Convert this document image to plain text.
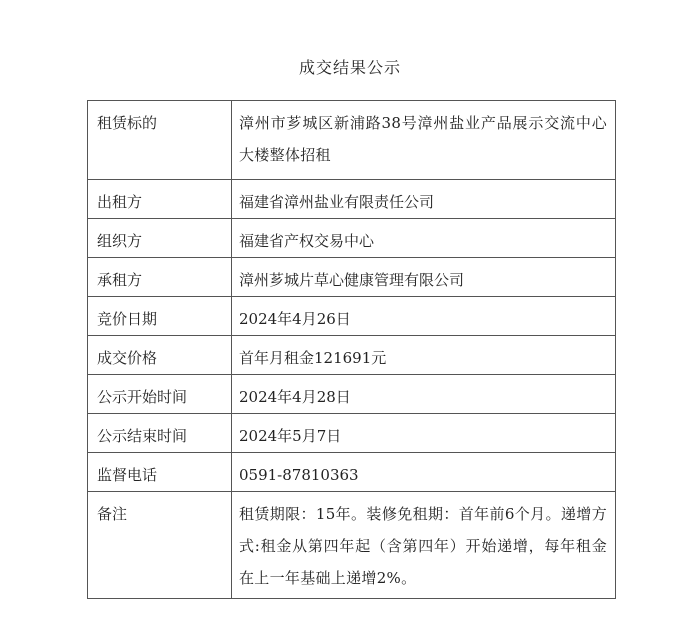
成交结果公示
租赁标的	漳州市芗城区新浦路38号漳州盐业产品展示交流中心大楼整体招租
出租方	福建省漳州盐业有限责任公司
组织方	福建省产权交易中心
承租方	漳州芗城片草心健康管理有限公司
竞价日期	2024年4月26日
成交价格	首年月租金121691元
公示开始时间	2024年4月28日
公示结束时间	2024年5月7日
监督电话	0591-87810363
备注	租赁期限：15年。装修免租期：首年前6个月。递增方式:租金从第四年起（含第四年）开始递增，每年租金在上一年基础上递增2%。
